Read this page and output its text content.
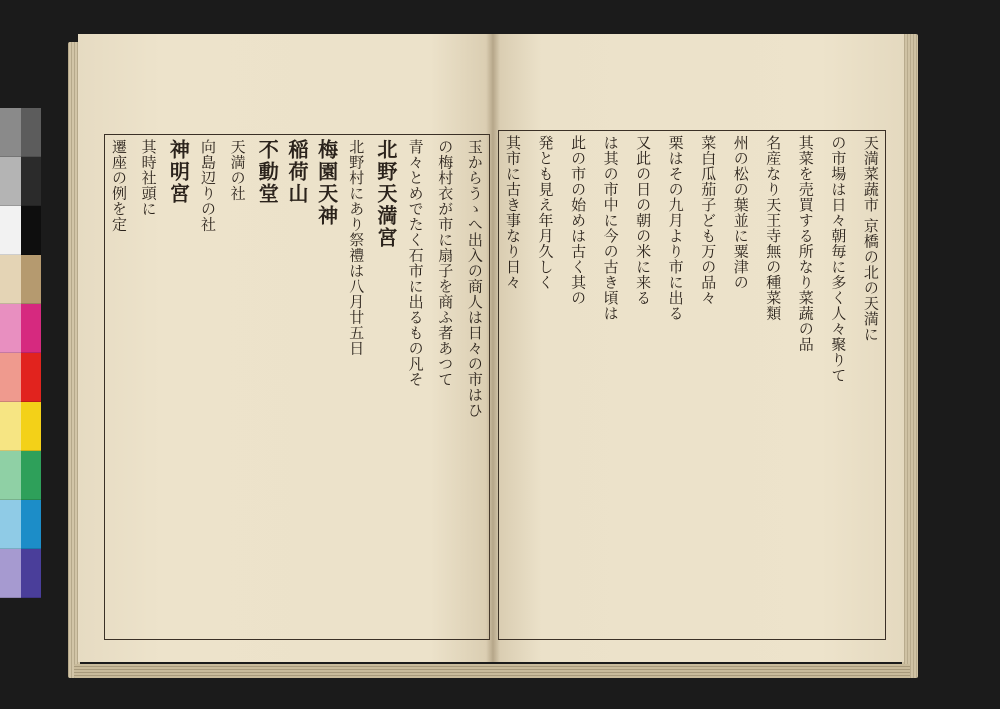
玉からうゝへ出入の商人は日々の市はひ
の梅村衣が市に扇子を商ふ者あつて
青々とめでたく石市に出るもの凡そ
北野天満宮
北野村にあり祭禮は八月廿五日
梅園天神
稲荷山
不動堂
天満の社
向島辺りの社
神明宮
其時社頭に
遷座の例を定	天満菜蔬市 京橋の北の天満に
の市場は日々朝毎に多く人々聚りて
其菜を売買する所なり菜蔬の品
名産なり天王寺無の種菜類
州の松の葉並に粟津の
菜白瓜茄子ども万の品々
栗はその九月より市に出る
又此の日の朝の米に来る
は其の市中に今の古き頃は
此の市の始めは古く其の
発とも見え年月久しく
其市に古き事なり日々
